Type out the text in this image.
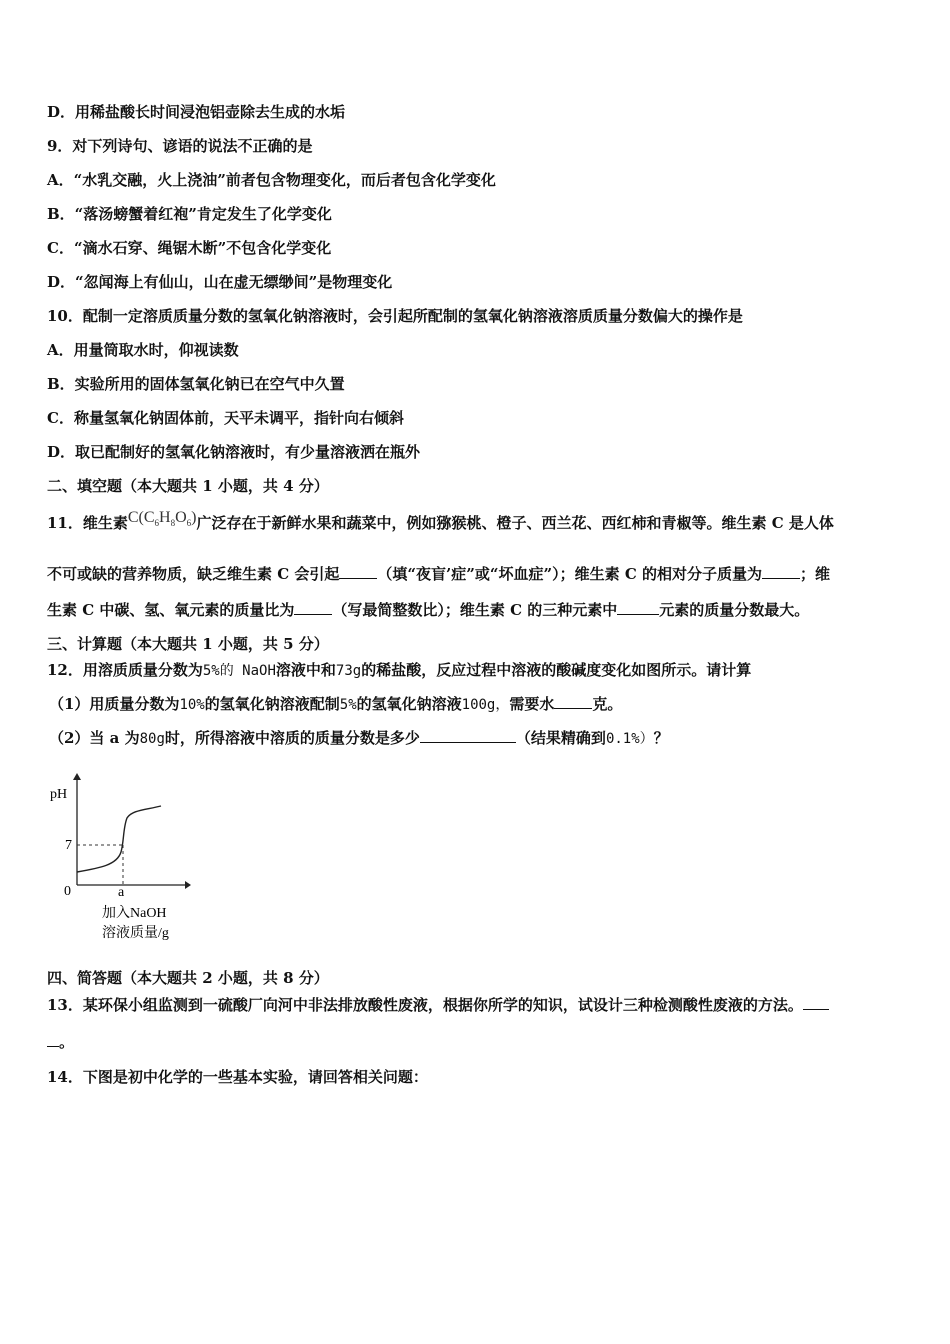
D．用稀盐酸长时间浸泡铝壶除去生成的水垢
9．对下列诗句、谚语的说法不正确的是
A．“水乳交融，火上浇油”前者包含物理变化，而后者包含化学变化
B．“落汤螃蟹着红袍”肯定发生了化学变化
C．“滴水石穿、绳锯木断”不包含化学变化
D．“忽闻海上有仙山，山在虚无缥缈间”是物理变化
10．配制一定溶质质量分数的氢氧化钠溶液时，会引起所配制的氢氧化钠溶液溶质质量分数偏大的操作是
A．用量筒取水时，仰视读数
B．实验所用的固体氢氧化钠已在空气中久置
C．称量氢氧化钠固体前，天平未调平，指针向右倾斜
D．取已配制好的氢氧化钠溶液时，有少量溶液洒在瓶外
二、填空题（本大题共 1 小题，共 4 分）
11．维生素$C(C_6H_8O_6)$广泛存在于新鲜水果和蔬菜中，例如猕猴桃、橙子、西兰花、西红柿和青椒等。维生素 C 是人体
不可或缺的营养物质，缺乏维生素 C 会引起	（填“夜盲’症”或“坏血症”）；维生素 C 的相对分子质量为	；维
生素 C 中碳、氢、氧元素的质量比为	（写最简整数比）；维生素 C 的三种元素中	元素的质量分数最大。
三、计算题（本大题共 1 小题，共 5 分）
12．用溶质质量分数为5%的 NaOH溶液中和73g的稀盐酸，反应过程中溶液的酸碱度变化如图所示。请计算
（1）用质量分数为10%的氢氧化钠溶液配制5%的氢氧化钠溶液100g，需要水	克。
（2）当 a 为80g时，所得溶液中溶质的质量分数是多少	（结果精确到0.1%）？
pH
7
0	a
加入NaOH
溶液质量/g
四、简答题（本大题共 2 小题，共 8 分）
13．某环保小组监测到一硫酸厂向河中非法排放酸性废液，根据你所学的知识，试设计三种检测酸性废液的方法。
。
14．下图是初中化学的一些基本实验，请回答相关问题：
